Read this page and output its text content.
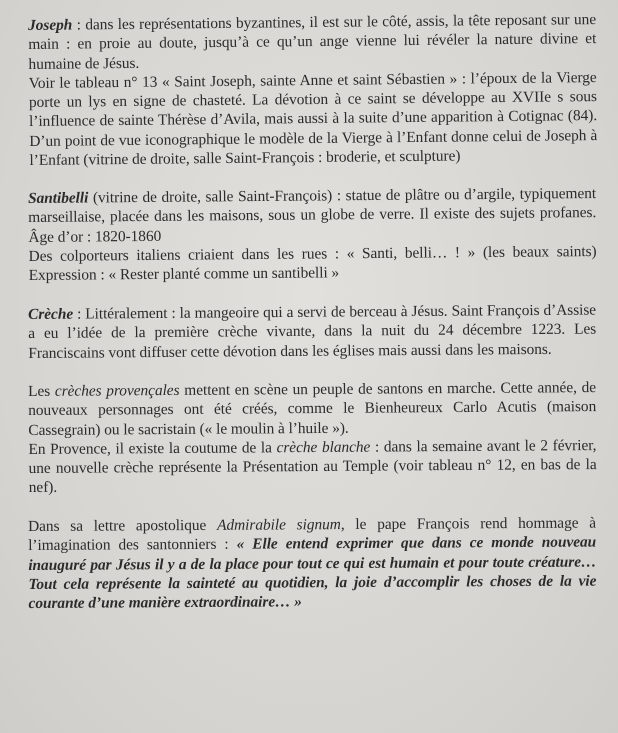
Joseph : dans les représentations byzantines, il est sur le côté, assis, la tête reposant sur une main : en proie au doute, jusqu’à ce qu’un ange vienne lui révéler la nature divine et humaine de Jésus.

Voir le tableau n° 13 « Saint Joseph, sainte Anne et saint Sébastien » : l’époux de la Vierge porte un lys en signe de chasteté. La dévotion à ce saint se développe au XVIIe s sous l’influence de sainte Thérèse d’Avila, mais aussi à la suite d’une apparition à Cotignac (84). D’un point de vue iconographique le modèle de la Vierge à l’Enfant donne celui de Joseph à l’Enfant (vitrine de droite, salle Saint-François : broderie, et sculpture)

Santibelli (vitrine de droite, salle Saint-François) : statue de plâtre ou d’argile, typiquement marseillaise, placée dans les maisons, sous un globe de verre. Il existe des sujets profanes. Âge d’or : 1820-1860

Des colporteurs italiens criaient dans les rues : « Santi, belli… ! » (les beaux saints) Expression : « Rester planté comme un santibelli »

Crèche : Littéralement : la mangeoire qui a servi de berceau à Jésus. Saint François d’Assise a eu l’idée de la première crèche vivante, dans la nuit du 24 décembre 1223. Les Franciscains vont diffuser cette dévotion dans les églises mais aussi dans les maisons.

Les crèches provençales mettent en scène un peuple de santons en marche. Cette année, de nouveaux personnages ont été créés, comme le Bienheureux Carlo Acutis (maison Cassegrain) ou le sacristain (« le moulin à l’huile »).

En Provence, il existe la coutume de la crèche blanche : dans la semaine avant le 2 février, une nouvelle crèche représente la Présentation au Temple (voir tableau n° 12, en bas de la nef).

Dans sa lettre apostolique Admirabile signum, le pape François rend hommage à l’imagination des santonniers : « Elle entend exprimer que dans ce monde nouveau inauguré par Jésus il y a de la place pour tout ce qui est humain et pour toute créature… Tout cela représente la sainteté au quotidien, la joie d’accomplir les choses de la vie courante d’une manière extraordinaire… »
